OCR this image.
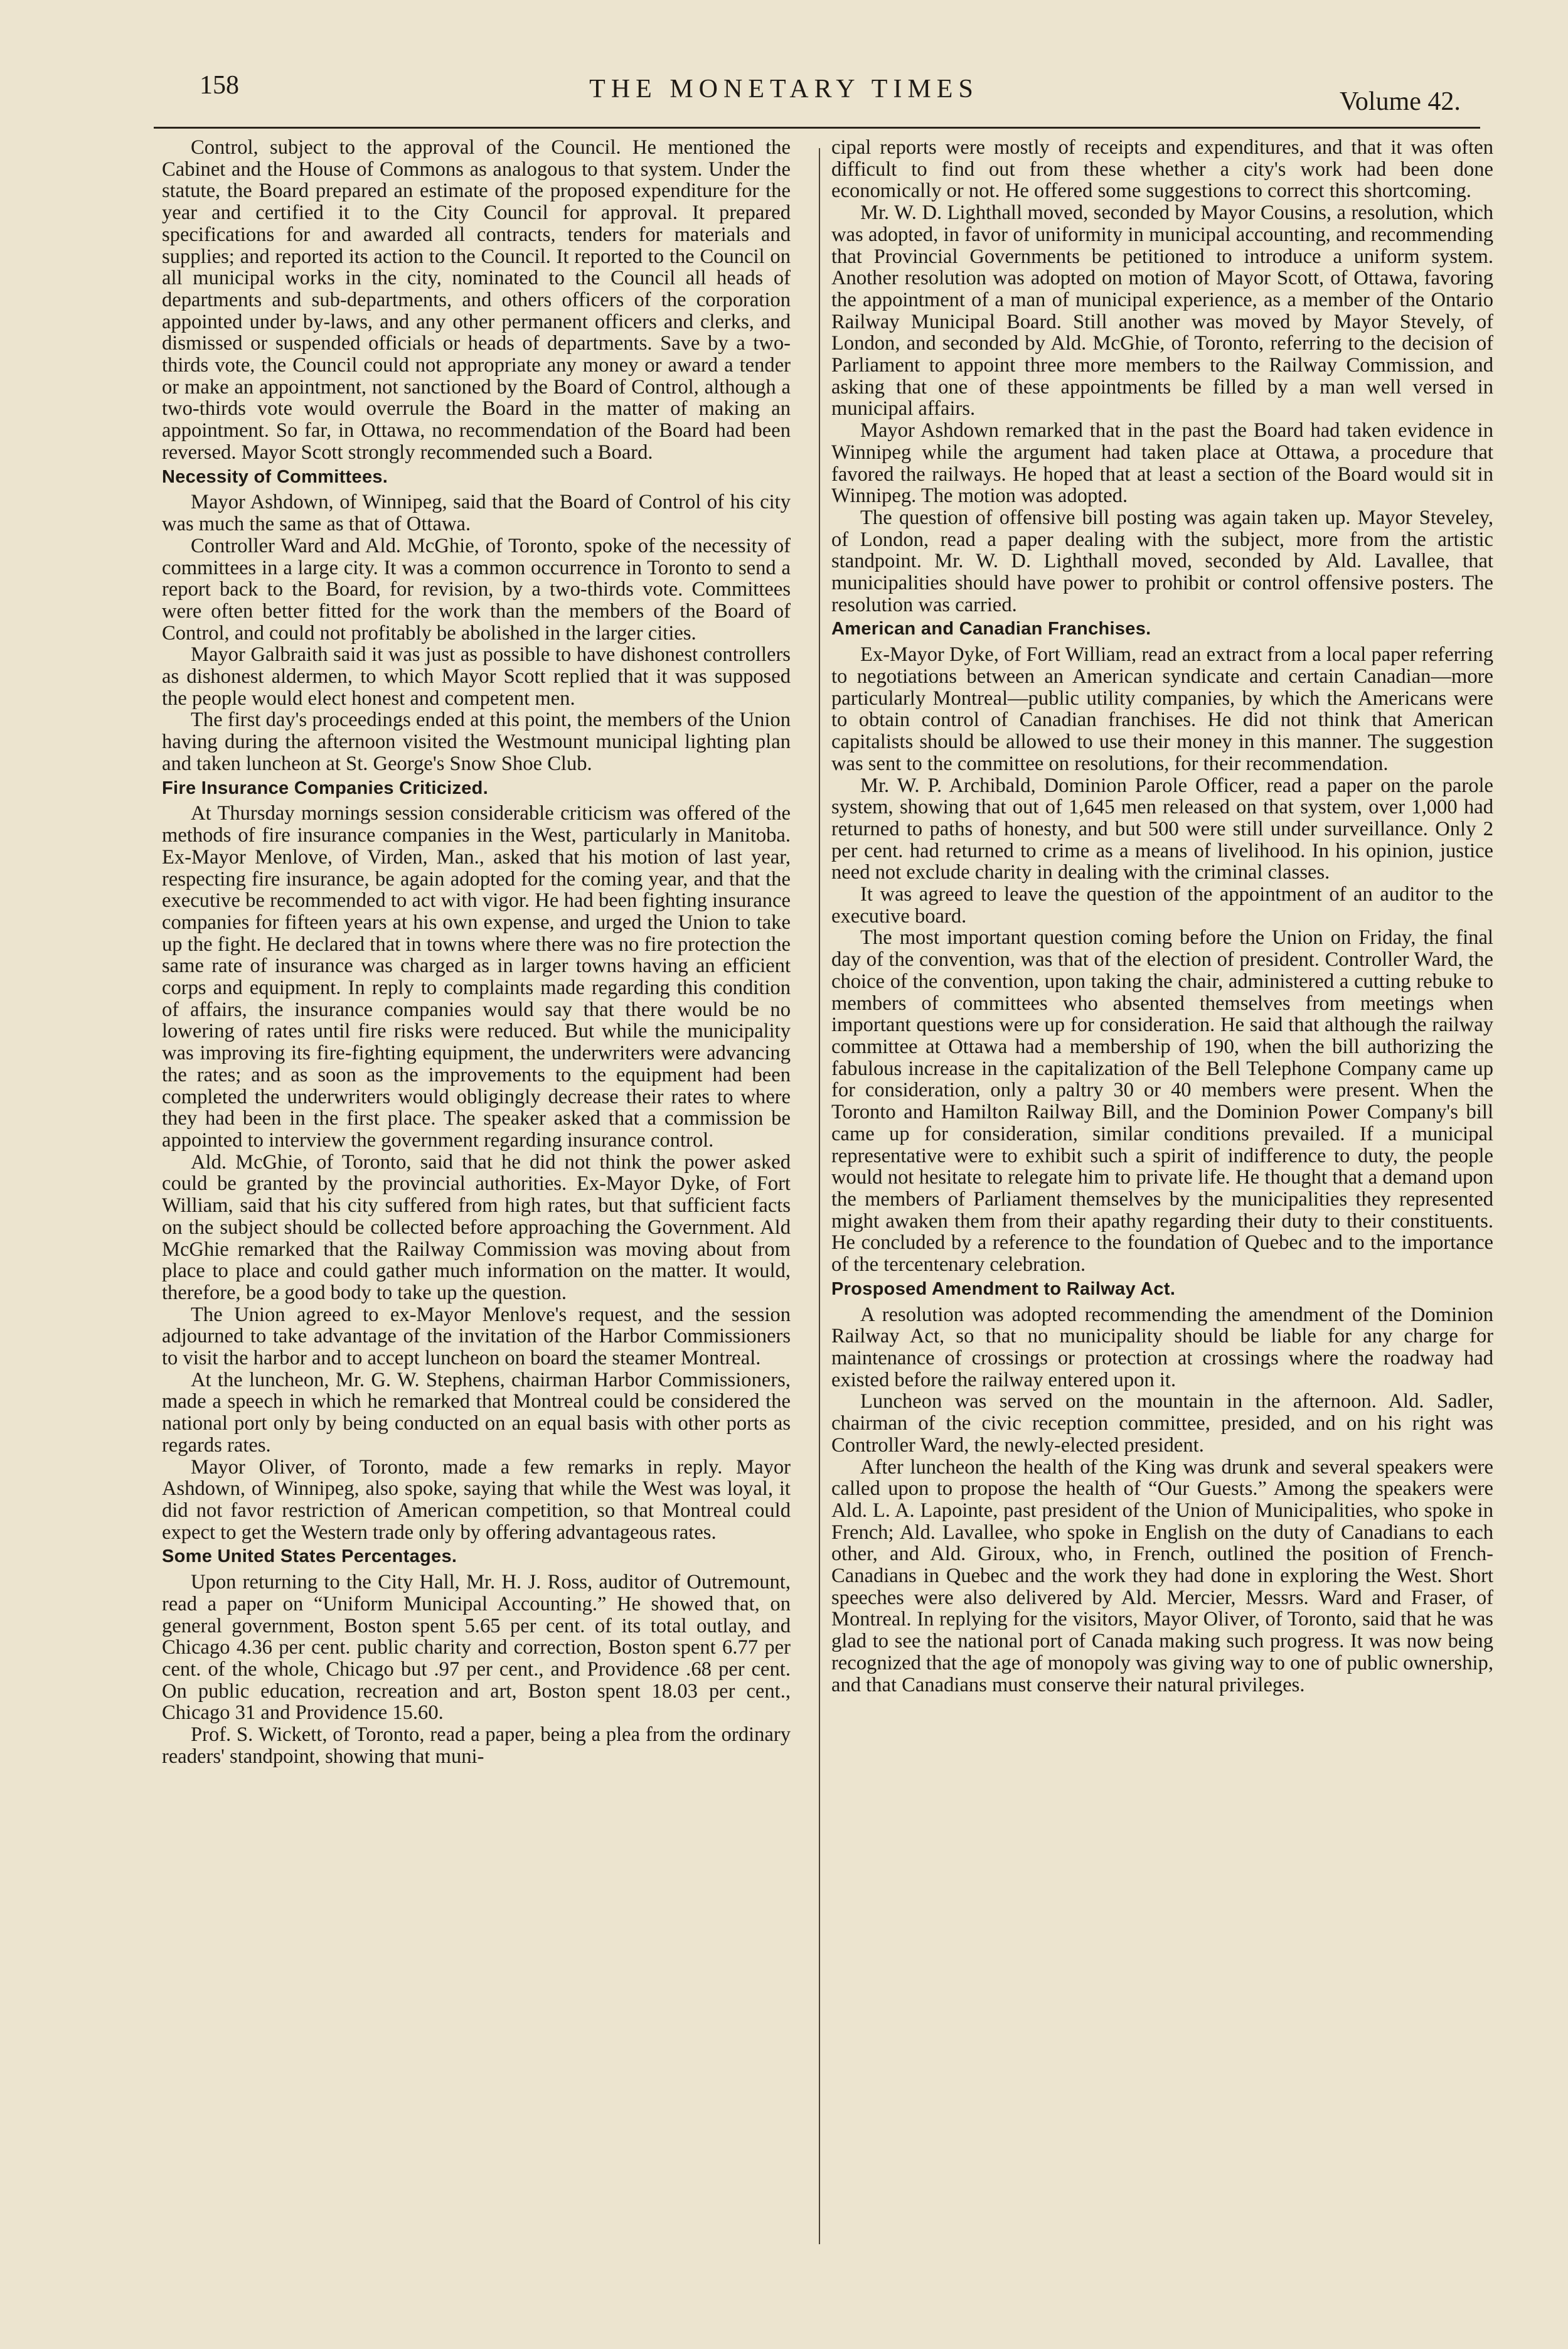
158	THE MONETARY TIMES	Volume 42.

Control, subject to the approval of the Council. He mentioned the Cabinet and the House of Commons as analogous to that system. Under the statute, the Board prepared an estimate of the proposed expenditure for the year and certified it to the City Council for approval. It prepared specifications for and awarded all contracts, tenders for materials and supplies; and reported its action to the Council. It reported to the Council on all municipal works in the city, nominated to the Council all heads of departments and sub-departments, and others officers of the corporation appointed under by-laws, and any other permanent officers and clerks, and dismissed or suspended officials or heads of departments. Save by a two-thirds vote, the Council could not appropriate any money or award a tender or make an appointment, not sanctioned by the Board of Control, although a two-thirds vote would overrule the Board in the matter of making an appointment. So far, in Ottawa, no recommendation of the Board had been reversed. Mayor Scott strongly recommended such a Board.

Necessity of Committees.

Mayor Ashdown, of Winnipeg, said that the Board of Control of his city was much the same as that of Ottawa.

Controller Ward and Ald. McGhie, of Toronto, spoke of the necessity of committees in a large city. It was a common occurrence in Toronto to send a report back to the Board, for revision, by a two-thirds vote. Committees were often better fitted for the work than the members of the Board of Control, and could not profitably be abolished in the larger cities.

Mayor Galbraith said it was just as possible to have dishonest controllers as dishonest aldermen, to which Mayor Scott replied that it was supposed the people would elect honest and competent men.

The first day's proceedings ended at this point, the members of the Union having during the afternoon visited the Westmount municipal lighting plan and taken luncheon at St. George's Snow Shoe Club.

Fire Insurance Companies Criticized.

At Thursday mornings session considerable criticism was offered of the methods of fire insurance companies in the West, particularly in Manitoba. Ex-Mayor Menlove, of Virden, Man., asked that his motion of last year, respecting fire insurance, be again adopted for the coming year, and that the executive be recommended to act with vigor. He had been fighting insurance companies for fifteen years at his own expense, and urged the Union to take up the fight. He declared that in towns where there was no fire protection the same rate of insurance was charged as in larger towns having an efficient corps and equipment. In reply to complaints made regarding this condition of affairs, the insurance companies would say that there would be no lowering of rates until fire risks were reduced. But while the municipality was improving its fire-fighting equipment, the underwriters were advancing the rates; and as soon as the improvements to the equipment had been completed the underwriters would obligingly decrease their rates to where they had been in the first place. The speaker asked that a commission be appointed to interview the government regarding insurance control.

Ald. McGhie, of Toronto, said that he did not think the power asked could be granted by the provincial authorities. Ex-Mayor Dyke, of Fort William, said that his city suffered from high rates, but that sufficient facts on the subject should be collected before approaching the Government. Ald McGhie remarked that the Railway Commission was moving about from place to place and could gather much information on the matter. It would, therefore, be a good body to take up the question.

The Union agreed to ex-Mayor Menlove's request, and the session adjourned to take advantage of the invitation of the Harbor Commissioners to visit the harbor and to accept luncheon on board the steamer Montreal.

At the luncheon, Mr. G. W. Stephens, chairman Harbor Commissioners, made a speech in which he remarked that Montreal could be considered the national port only by being conducted on an equal basis with other ports as regards rates.

Mayor Oliver, of Toronto, made a few remarks in reply. Mayor Ashdown, of Winnipeg, also spoke, saying that while the West was loyal, it did not favor restriction of American competition, so that Montreal could expect to get the Western trade only by offering advantageous rates.

Some United States Percentages.

Upon returning to the City Hall, Mr. H. J. Ross, auditor of Outremount, read a paper on “Uniform Municipal Accounting.” He showed that, on general government, Boston spent 5.65 per cent. of its total outlay, and Chicago 4.36 per cent. public charity and correction, Boston spent 6.77 per cent. of the whole, Chicago but .97 per cent., and Providence .68 per cent. On public education, recreation and art, Boston spent 18.03 per cent., Chicago 31 and Providence 15.60.

Prof. S. Wickett, of Toronto, read a paper, being a plea from the ordinary readers' standpoint, showing that muni-

cipal reports were mostly of receipts and expenditures, and that it was often difficult to find out from these whether a city's work had been done economically or not. He offered some suggestions to correct this shortcoming.

Mr. W. D. Lighthall moved, seconded by Mayor Cousins, a resolution, which was adopted, in favor of uniformity in municipal accounting, and recommending that Provincial Governments be petitioned to introduce a uniform system. Another resolution was adopted on motion of Mayor Scott, of Ottawa, favoring the appointment of a man of municipal experience, as a member of the Ontario Railway Municipal Board. Still another was moved by Mayor Stevely, of London, and seconded by Ald. McGhie, of Toronto, referring to the decision of Parliament to appoint three more members to the Railway Commission, and asking that one of these appointments be filled by a man well versed in municipal affairs.

Mayor Ashdown remarked that in the past the Board had taken evidence in Winnipeg while the argument had taken place at Ottawa, a procedure that favored the railways. He hoped that at least a section of the Board would sit in Winnipeg. The motion was adopted.

The question of offensive bill posting was again taken up. Mayor Steveley, of London, read a paper dealing with the subject, more from the artistic standpoint. Mr. W. D. Lighthall moved, seconded by Ald. Lavallee, that municipalities should have power to prohibit or control offensive posters. The resolution was carried.

American and Canadian Franchises.

Ex-Mayor Dyke, of Fort William, read an extract from a local paper referring to negotiations between an American syndicate and certain Canadian—more particularly Montreal—public utility companies, by which the Americans were to obtain control of Canadian franchises. He did not think that American capitalists should be allowed to use their money in this manner. The suggestion was sent to the committee on resolutions, for their recommendation.

Mr. W. P. Archibald, Dominion Parole Officer, read a paper on the parole system, showing that out of 1,645 men released on that system, over 1,000 had returned to paths of honesty, and but 500 were still under surveillance. Only 2 per cent. had returned to crime as a means of livelihood. In his opinion, justice need not exclude charity in dealing with the criminal classes.

It was agreed to leave the question of the appointment of an auditor to the executive board.

The most important question coming before the Union on Friday, the final day of the convention, was that of the election of president. Controller Ward, the choice of the convention, upon taking the chair, administered a cutting rebuke to members of committees who absented themselves from meetings when important questions were up for consideration. He said that although the railway committee at Ottawa had a membership of 190, when the bill authorizing the fabulous increase in the capitalization of the Bell Telephone Company came up for consideration, only a paltry 30 or 40 members were present. When the Toronto and Hamilton Railway Bill, and the Dominion Power Company's bill came up for consideration, similar conditions prevailed. If a municipal representative were to exhibit such a spirit of indifference to duty, the people would not hesitate to relegate him to private life. He thought that a demand upon the members of Parliament themselves by the municipalities they represented might awaken them from their apathy regarding their duty to their constituents. He concluded by a reference to the foundation of Quebec and to the importance of the tercentenary celebration.

Prosposed Amendment to Railway Act.

A resolution was adopted recommending the amendment of the Dominion Railway Act, so that no municipality should be liable for any charge for maintenance of crossings or protection at crossings where the roadway had existed before the railway entered upon it.

Luncheon was served on the mountain in the afternoon. Ald. Sadler, chairman of the civic reception committee, presided, and on his right was Controller Ward, the newly-elected president.

After luncheon the health of the King was drunk and several speakers were called upon to propose the health of “Our Guests.” Among the speakers were Ald. L. A. Lapointe, past president of the Union of Municipalities, who spoke in French; Ald. Lavallee, who spoke in English on the duty of Canadians to each other, and Ald. Giroux, who, in French, outlined the position of French-Canadians in Quebec and the work they had done in exploring the West. Short speeches were also delivered by Ald. Mercier, Messrs. Ward and Fraser, of Montreal. In replying for the visitors, Mayor Oliver, of Toronto, said that he was glad to see the national port of Canada making such progress. It was now being recognized that the age of monopoly was giving way to one of public ownership, and that Canadians must conserve their natural privileges.
